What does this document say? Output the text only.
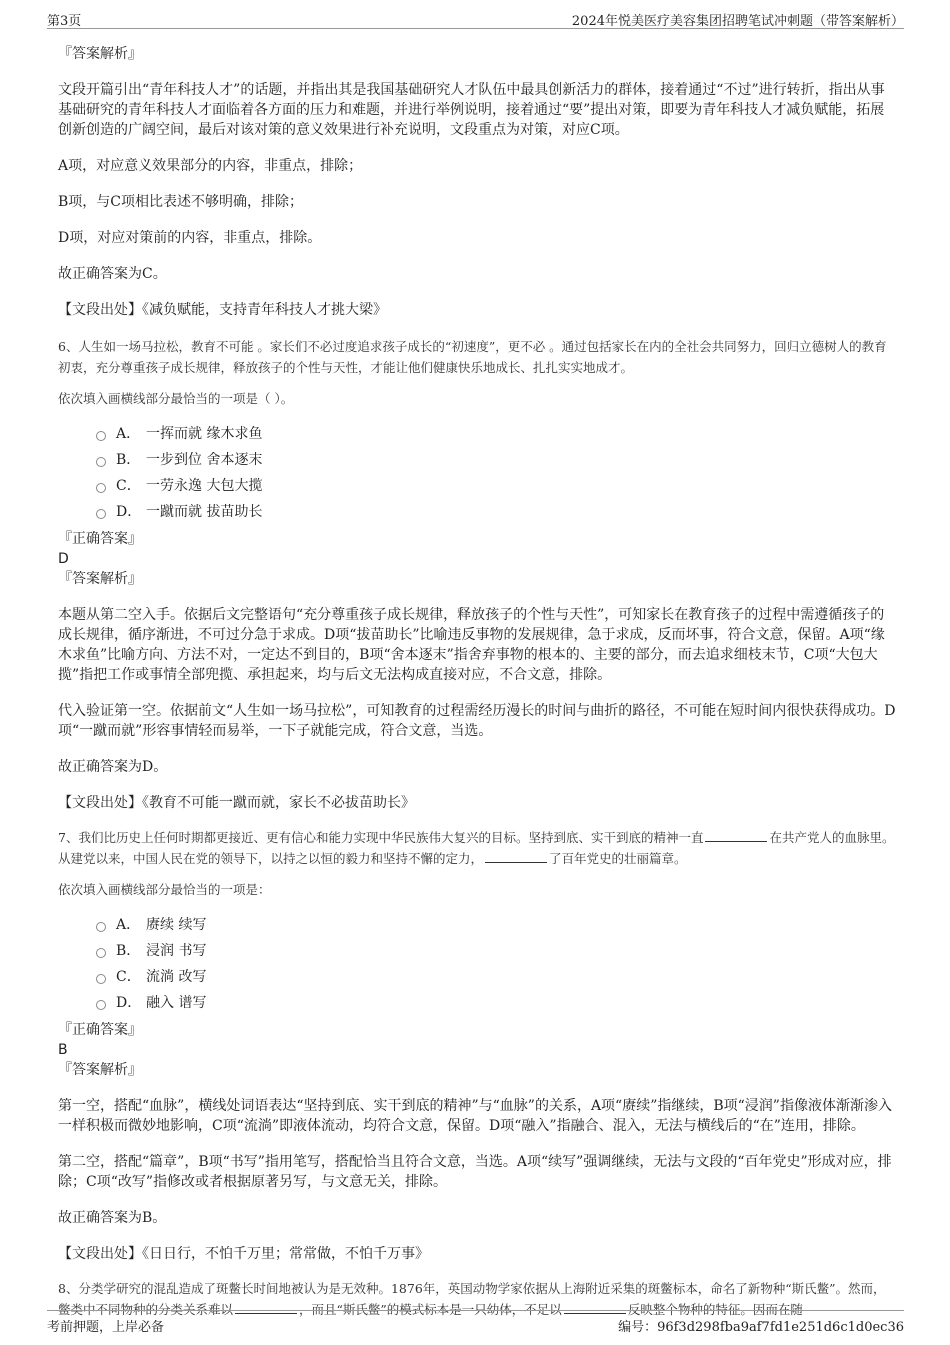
第3页	2024年悦美医疗美容集团招聘笔试冲刺题（带答案解析）

『答案解析』

文段开篇引出“青年科技人才”的话题，并指出其是我国基础研究人才队伍中最具创新活力的群体，接着通过“不过”进行转折，指出从事基础研究的青年科技人才面临着各方面的压力和难题，并进行举例说明，接着通过“要”提出对策，即要为青年科技人才减负赋能，拓展创新创造的广阔空间，最后对该对策的意义效果进行补充说明，文段重点为对策，对应C项。

A项，对应意义效果部分的内容，非重点，排除；

B项，与C项相比表述不够明确，排除；

D项，对应对策前的内容，非重点，排除。

故正确答案为C。

【文段出处】《减负赋能，支持青年科技人才挑大梁》

6、人生如一场马拉松，教育不可能 。家长们不必过度追求孩子成长的“初速度”，更不必 。通过包括家长在内的全社会共同努力，回归立德树人的教育初衷，充分尊重孩子成长规律，释放孩子的个性与天性，才能让他们健康快乐地成长、扎扎实实地成才。

依次填入画横线部分最恰当的一项是（ ）。

A． 一挥而就 缘木求鱼
B． 一步到位 舍本逐末
C． 一劳永逸 大包大揽
D． 一蹴而就 拔苗助长

『正确答案』

D

『答案解析』

本题从第二空入手。依据后文完整语句“充分尊重孩子成长规律，释放孩子的个性与天性”，可知家长在教育孩子的过程中需遵循孩子的成长规律，循序渐进，不可过分急于求成。D项“拔苗助长”比喻违反事物的发展规律，急于求成，反而坏事，符合文意，保留。A项“缘木求鱼”比喻方向、方法不对，一定达不到目的，B项“舍本逐末”指舍弃事物的根本的、主要的部分，而去追求细枝末节，C项“大包大揽”指把工作或事情全部兜揽、承担起来，均与后文无法构成直接对应，不合文意，排除。

代入验证第一空。依据前文“人生如一场马拉松”，可知教育的过程需经历漫长的时间与曲折的路径，不可能在短时间内很快获得成功。D项“一蹴而就”形容事情轻而易举，一下子就能完成，符合文意，当选。

故正确答案为D。

【文段出处】《教育不可能一蹴而就，家长不必拔苗助长》

7、我们比历史上任何时期都更接近、更有信心和能力实现中华民族伟大复兴的目标。坚持到底、实干到底的精神一直	在共产党人的血脉里。从建党以来，中国人民在党的领导下，以持之以恒的毅力和坚持不懈的定力，	了百年党史的壮丽篇章。

依次填入画横线部分最恰当的一项是：

A． 赓续 续写
B． 浸润 书写
C． 流淌 改写
D． 融入 谱写

『正确答案』

B

『答案解析』

第一空，搭配“血脉”，横线处词语表达“坚持到底、实干到底的精神”与“血脉”的关系，A项“赓续”指继续，B项“浸润”指像液体渐渐渗入一样积极而微妙地影响，C项“流淌”即液体流动，均符合文意，保留。D项“融入”指融合、混入，无法与横线后的“在”连用，排除。

第二空，搭配“篇章”，B项“书写”指用笔写，搭配恰当且符合文意，当选。A项“续写”强调继续，无法与文段的“百年党史”形成对应，排除；C项“改写”指修改或者根据原著另写，与文意无关，排除。

故正确答案为B。

【文段出处】《日日行，不怕千万里；常常做，不怕千万事》

8、分类学研究的混乱造成了斑鳖长时间地被认为是无效种。1876年，英国动物学家依据从上海附近采集的斑鳖标本，命名了新物种“斯氏鳖”。然而，鳖类中不同物种的分类关系难以	，而且“斯氏鳖”的模式标本是一只幼体，不足以	反映整个物种的特征。因而在随

考前押题，上岸必备	编号：96f3d298fba9af7fd1e251d6c1d0ec36
